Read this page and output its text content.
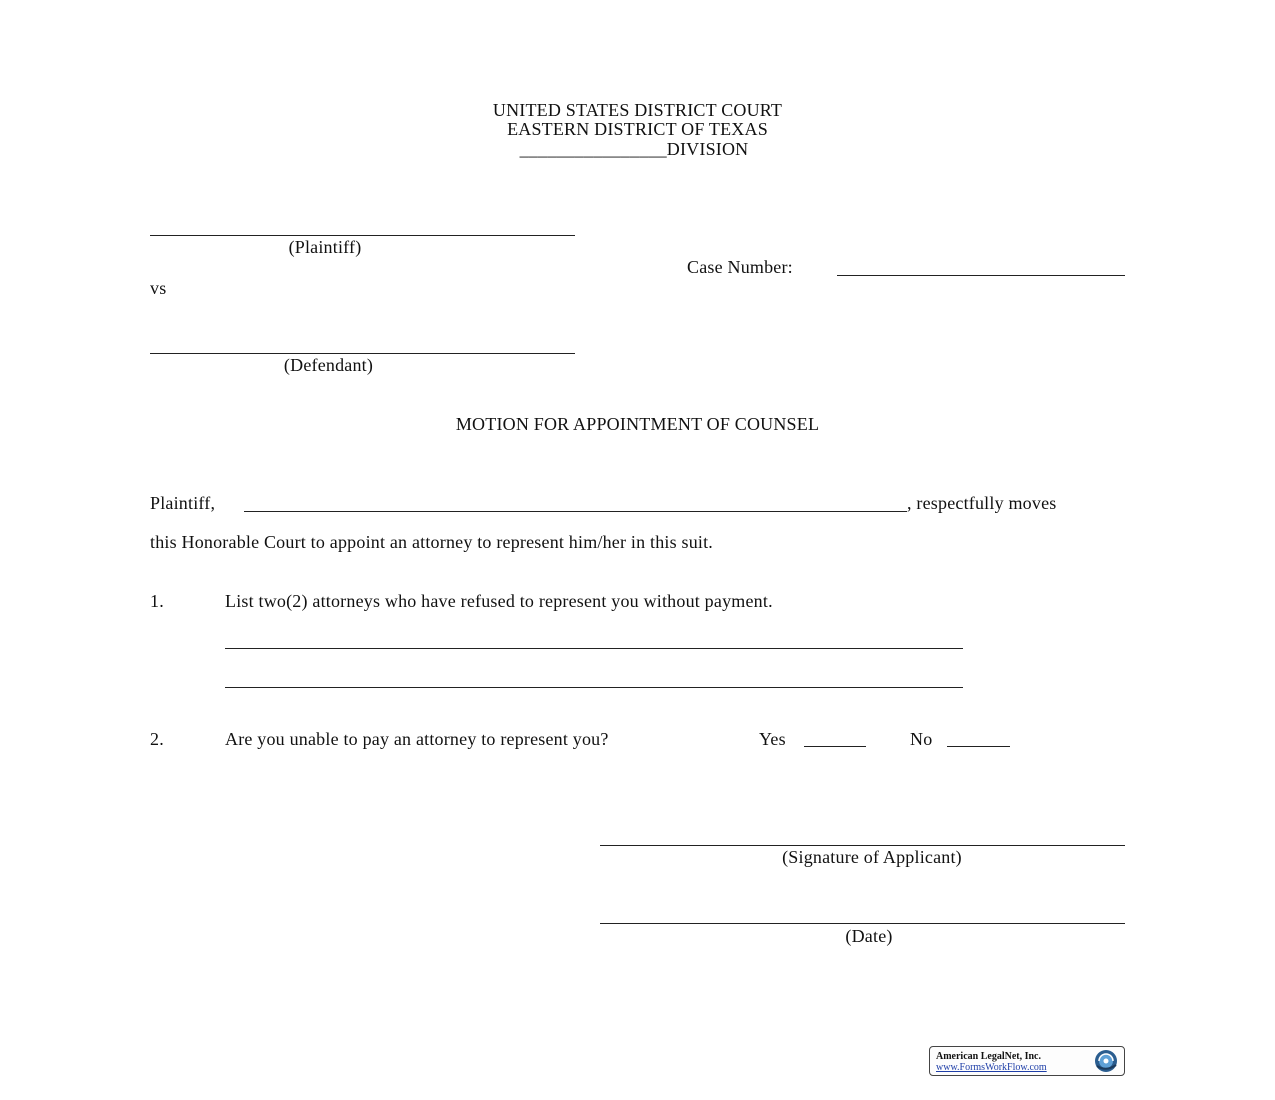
UNITED STATES DISTRICT COURT
EASTERN DISTRICT OF TEXAS
________________DIVISION
(Plaintiff)
Case Number:
vs
(Defendant)
MOTION FOR APPOINTMENT OF COUNSEL
Plaintiff,	, respectfully moves
this Honorable Court to appoint an attorney to represent him/her in this suit.
1.	List two(2) attorneys who have refused to represent you without payment.
2.	Are you unable to pay an attorney to represent you?	Yes	No
(Signature of Applicant)
(Date)
American LegalNet, Inc.
www.FormsWorkFlow.com
